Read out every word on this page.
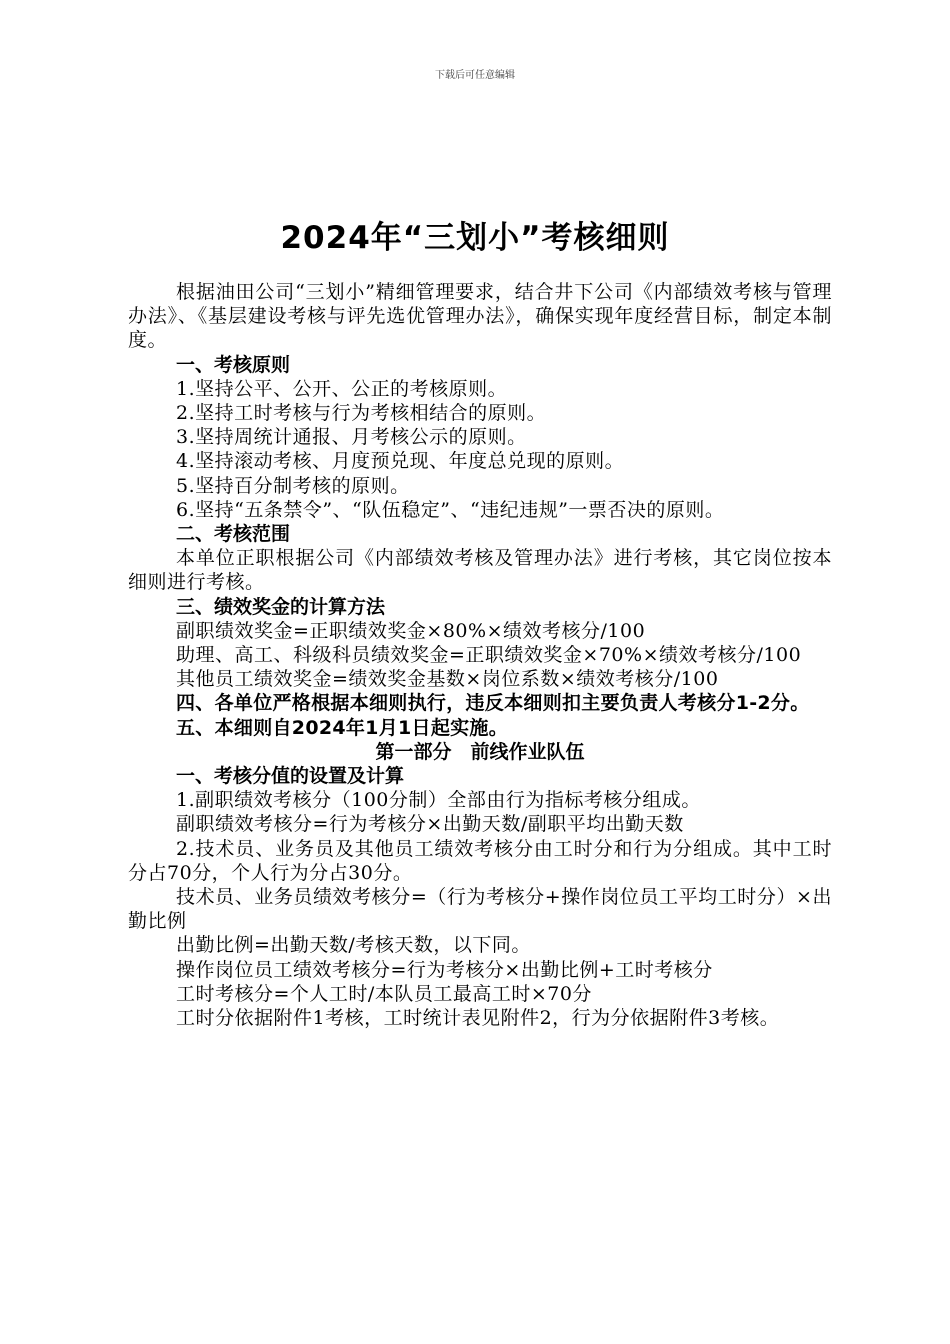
下载后可任意编辑
2024年“三划小”考核细则

根据油田公司“三划小”精细管理要求，结合井下公司《内部绩效考核与管理办法》、《基层建设考核与评先选优管理办法》，确保实现年度经营目标，制定本制度。

一、考核原则

1.坚持公平、公开、公正的考核原则。

2.坚持工时考核与行为考核相结合的原则。

3.坚持周统计通报、月考核公示的原则。

4.坚持滚动考核、月度预兑现、年度总兑现的原则。

5.坚持百分制考核的原则。

6.坚持“五条禁令”、“队伍稳定”、“违纪违规”一票否决的原则。

二、考核范围

本单位正职根据公司《内部绩效考核及管理办法》进行考核，其它岗位按本细则进行考核。

三、绩效奖金的计算方法

副职绩效奖金=正职绩效奖金×80%×绩效考核分/100

助理、高工、科级科员绩效奖金=正职绩效奖金×70%×绩效考核分/100

其他员工绩效奖金=绩效奖金基数×岗位系数×绩效考核分/100

四、各单位严格根据本细则执行，违反本细则扣主要负责人考核分1-2分。

五、本细则自2024年1月1日起实施。

第一部分　前线作业队伍

一、考核分值的设置及计算

1.副职绩效考核分（100分制）全部由行为指标考核分组成。

副职绩效考核分=行为考核分×出勤天数/副职平均出勤天数

2.技术员、业务员及其他员工绩效考核分由工时分和行为分组成。其中工时分占70分，个人行为分占30分。

技术员、业务员绩效考核分=（行为考核分+操作岗位员工平均工时分）×出勤比例

出勤比例=出勤天数/考核天数，以下同。

操作岗位员工绩效考核分=行为考核分×出勤比例+工时考核分

工时考核分=个人工时/本队员工最高工时×70分

工时分依据附件1考核，工时统计表见附件2，行为分依据附件3考核。
